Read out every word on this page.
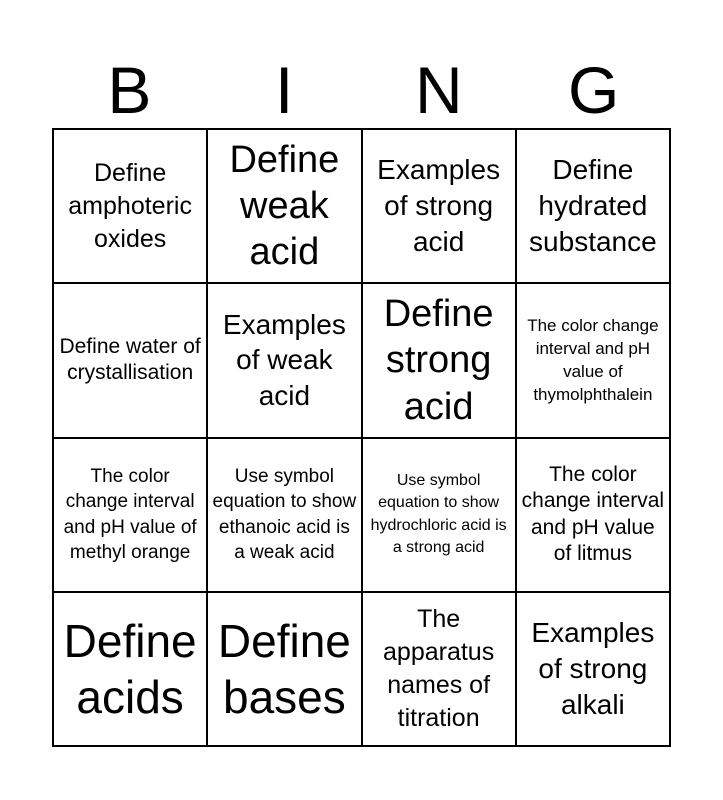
B	I	N	G
Define amphoteric oxides
Define weak acid
Examples of strong acid
Define hydrated substance
Define water of crystallisation
Examples of weak acid
Define strong acid
The color change interval and pH value of thymolphthalein
The color change interval and pH value of methyl orange
Use symbol equation to show ethanoic acid is a weak acid
Use symbol equation to show hydrochloric acid is a strong acid
The color change interval and pH value of litmus
Define acids
Define bases
The apparatus names of titration
Examples of strong alkali
